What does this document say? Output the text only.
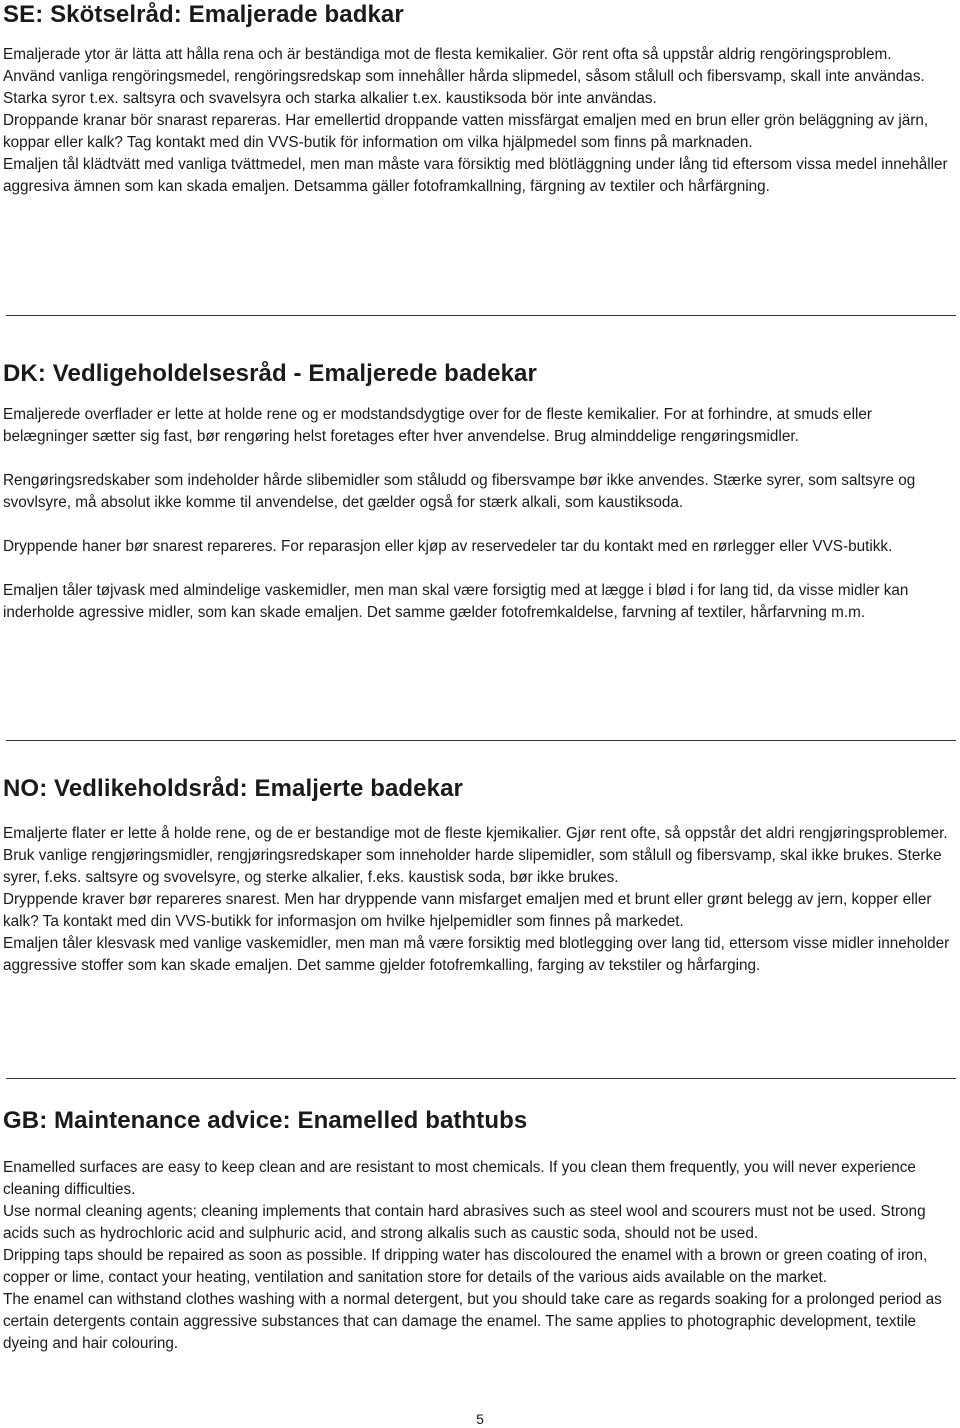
SE: Skötselråd: Emaljerade badkar

Emaljerade ytor är lätta att hålla rena och är beständiga mot de flesta kemikalier. Gör rent ofta så uppstår aldrig rengöringsproblem.

Använd vanliga rengöringsmedel, rengöringsredskap som innehåller hårda slipmedel, såsom stålull och fibersvamp, skall inte användas. Starka syror t.ex. saltsyra och svavelsyra och starka alkalier t.ex. kaustiksoda bör inte användas.

Droppande kranar bör snarast repareras. Har emellertid droppande vatten missfärgat emaljen med en brun eller grön beläggning av järn, koppar eller kalk? Tag kontakt med din VVS-butik för information om vilka hjälpmedel som finns på marknaden.

Emaljen tål klädtvätt med vanliga tvättmedel, men man måste vara försiktig med blötläggning under lång tid eftersom vissa medel innehåller aggresiva ämnen som kan skada emaljen. Detsamma gäller fotoframkallning, färgning av textiler och hårfärgning.

DK: Vedligeholdelsesråd - Emaljerede badekar

Emaljerede overflader er lette at holde rene og er modstandsdygtige over for de fleste kemikalier. For at forhindre, at smuds eller belægninger sætter sig fast, bør rengøring helst foretages efter hver anvendelse. Brug alminddelige rengøringsmidler.

Rengøringsredskaber som indeholder hårde slibemidler som ståludd og fibersvampe bør ikke anvendes. Stærke syrer, som saltsyre og svovlsyre, må absolut ikke komme til anvendelse, det gælder også for stærk alkali, som kaustiksoda.

Dryppende haner bør snarest repareres. For reparasjon eller kjøp av reservedeler tar du kontakt med en rørlegger eller VVS-butikk.

Emaljen tåler tøjvask med almindelige vaskemidler, men man skal være forsigtig med at lægge i blød i for lang tid, da visse midler kan inderholde agressive midler, som kan skade emaljen. Det samme gælder fotofremkaldelse, farvning af textiler, hårfarvning m.m.

NO: Vedlikeholdsråd: Emaljerte badekar

Emaljerte flater er lette å holde rene, og de er bestandige mot de fleste kjemikalier. Gjør rent ofte, så oppstår det aldri rengjøringsproblemer.

Bruk vanlige rengjøringsmidler, rengjøringsredskaper som inneholder harde slipemidler, som stålull og fibersvamp, skal ikke brukes. Sterke syrer, f.eks. saltsyre og svovelsyre, og sterke alkalier, f.eks. kaustisk soda, bør ikke brukes.

Dryppende kraver bør repareres snarest. Men har dryppende vann misfarget emaljen med et brunt eller grønt belegg av jern, kopper eller kalk? Ta kontakt med din VVS-butikk for informasjon om hvilke hjelpemidler som finnes på markedet.

Emaljen tåler klesvask med vanlige vaskemidler, men man må være forsiktig med blotlegging over lang tid, ettersom visse midler inneholder aggressive stoffer som kan skade emaljen. Det samme gjelder fotofremkalling, farging av tekstiler og hårfarging.

GB: Maintenance advice: Enamelled bathtubs

Enamelled surfaces are easy to keep clean and are resistant to most chemicals. If you clean them frequently, you will never experience cleaning difficulties.

Use normal cleaning agents; cleaning implements that contain hard abrasives such as steel wool and scourers must not be used. Strong acids such as hydrochloric acid and sulphuric acid, and strong alkalis such as caustic soda, should not be used.

Dripping taps should be repaired as soon as possible. If dripping water has discoloured the enamel with a brown or green coating of iron, copper or lime, contact your heating, ventilation and sanitation store for details of the various aids available on the market.

The enamel can withstand clothes washing with a normal detergent, but you should take care as regards soaking for a prolonged period as certain detergents contain aggressive substances that can damage the enamel. The same applies to photographic development, textile dyeing and hair colouring.

5
